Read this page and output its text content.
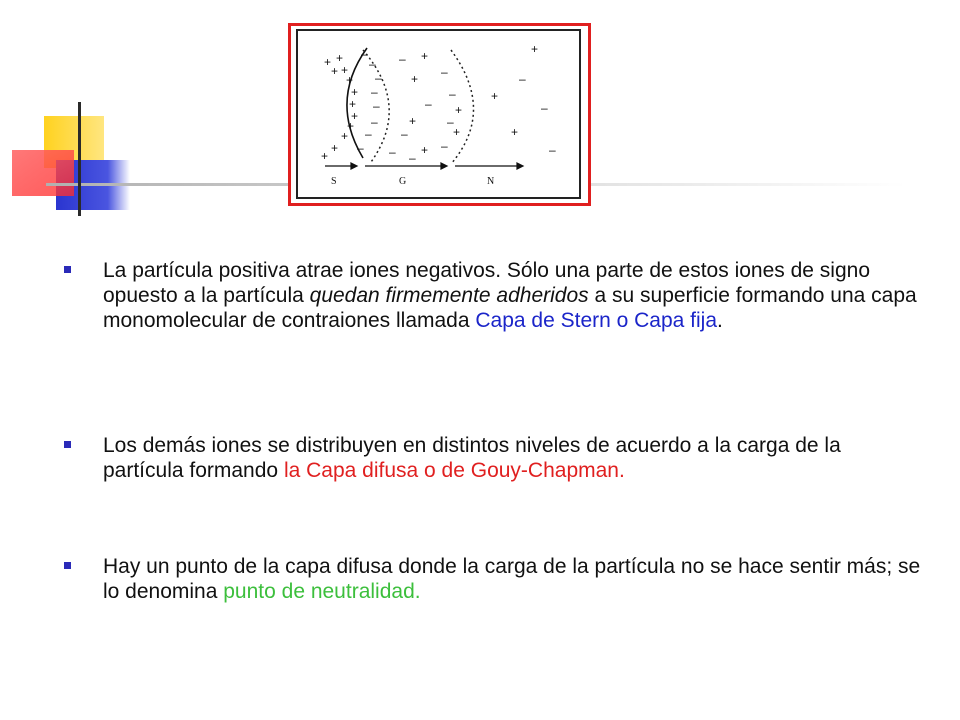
+ +
+ +
+
+
+
+
+
+
+
+
–
–
–
–
–
–
–
–
– +
+ –
–
– +
+	–
–	+
+ –
– –
+
+
–
–
+
–
S	G	N
La partícula positiva atrae iones negativos. Sólo una parte de estos iones de signo opuesto a la partícula quedan firmemente adheridos a su superficie formando una capa monomolecular de contraiones llamada Capa de Stern o Capa fija.
Los demás iones se distribuyen en distintos niveles de acuerdo a la carga de la partícula formando la Capa difusa o de Gouy-Chapman.
Hay un punto de la capa difusa donde la carga de la partícula no se hace sentir más; se lo denomina punto de neutralidad.
